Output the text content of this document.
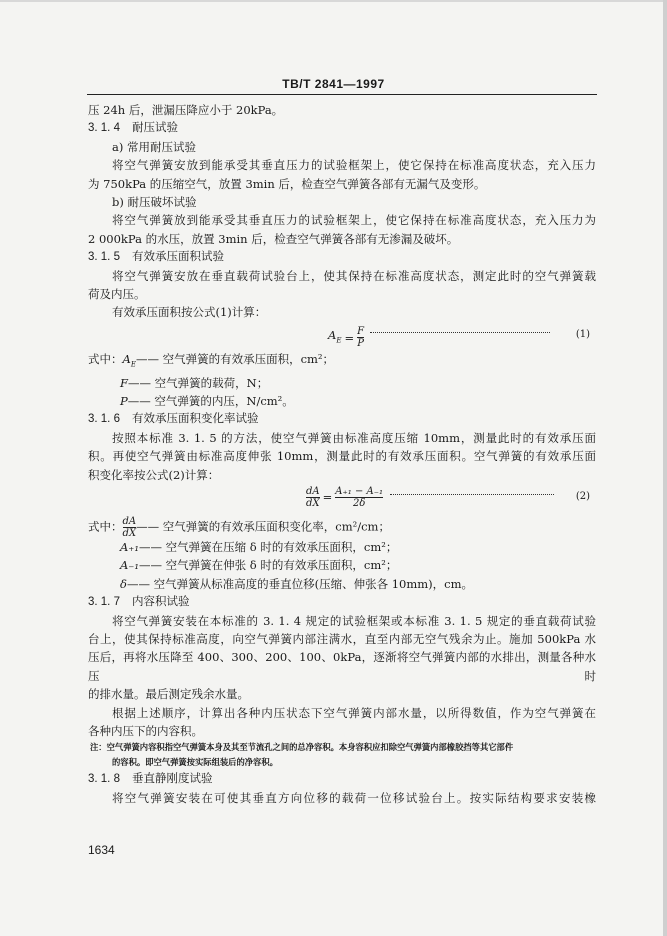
TB/T 2841—1997
压 24h 后，泄漏压降应小于 20kPa。
3. 1. 4 耐压试验
a) 常用耐压试验
将空气弹簧安放到能承受其垂直压力的试验框架上，使它保持在标准高度状态，充入压力
为 750kPa 的压缩空气，放置 3min 后，检查空气弹簧各部有无漏气及变形。
b) 耐压破坏试验
将空气弹簧放到能承受其垂直压力的试验框架上，使它保持在标准高度状态，充入压力为
2 000kPa 的水压，放置 3min 后，检查空气弹簧各部有无渗漏及破坏。
3. 1. 5 有效承压面积试验
将空气弹簧安放在垂直载荷试验台上，使其保持在标准高度状态，测定此时的空气弹簧载
荷及内压。
有效承压面积按公式(1)计算：
$A_E = \frac{F}{P}$	(1)
式中：$A_E——$ 空气弹簧的有效承压面积，cm²；
F—— 空气弹簧的载荷，N；
P—— 空气弹簧的内压，N/cm²。
3. 1. 6 有效承压面积变化率试验
按照本标准 3. 1. 5 的方法，使空气弹簧由标准高度压缩 10mm，测量此时的有效承压面
积。再使空气弹簧由标准高度伸张 10mm，测量此时的有效承压面积。空气弹簧的有效承压面
积变化率按公式(2)计算：
$\frac{dA}{dX} = \frac{\text{A₊₁ − A₋₁}}{2\delta}$	(2)
式中： $\frac{dA}{dX}$ —— 空气弹簧的有效承压面积变化率，cm²/cm；
A₊₁—— 空气弹簧在压缩 δ 时的有效承压面积，cm²；
A₋₁—— 空气弹簧在伸张 δ 时的有效承压面积，cm²；
δ—— 空气弹簧从标准高度的垂直位移(压缩、伸张各 10mm)，cm。
3. 1. 7 内容积试验
将空气弹簧安装在本标准的 3. 1. 4 规定的试验框架或本标准 3. 1. 5 规定的垂直载荷试验
台上，使其保持标准高度，向空气弹簧内部注满水，直至内部无空气残余为止。施加 500kPa 水
压后，再将水压降至 400、300、200、100、0kPa，逐渐将空气弹簧内部的水排出，测量各种水压时
的排水量。最后测定残余水量。
根据上述顺序，计算出各种内压状态下空气弹簧内部水量，以所得数值，作为空气弹簧在
各种内压下的内容积。
注：空气弹簧内容积指空气弹簧本身及其至节流孔之间的总净容积。本身容积应扣除空气弹簧内部橡胶挡等其它部件
的容积。即空气弹簧按实际组装后的净容积。
3. 1. 8 垂直静刚度试验
将空气弹簧安装在可使其垂直方向位移的载荷一位移试验台上。按实际结构要求安装橡
1634
